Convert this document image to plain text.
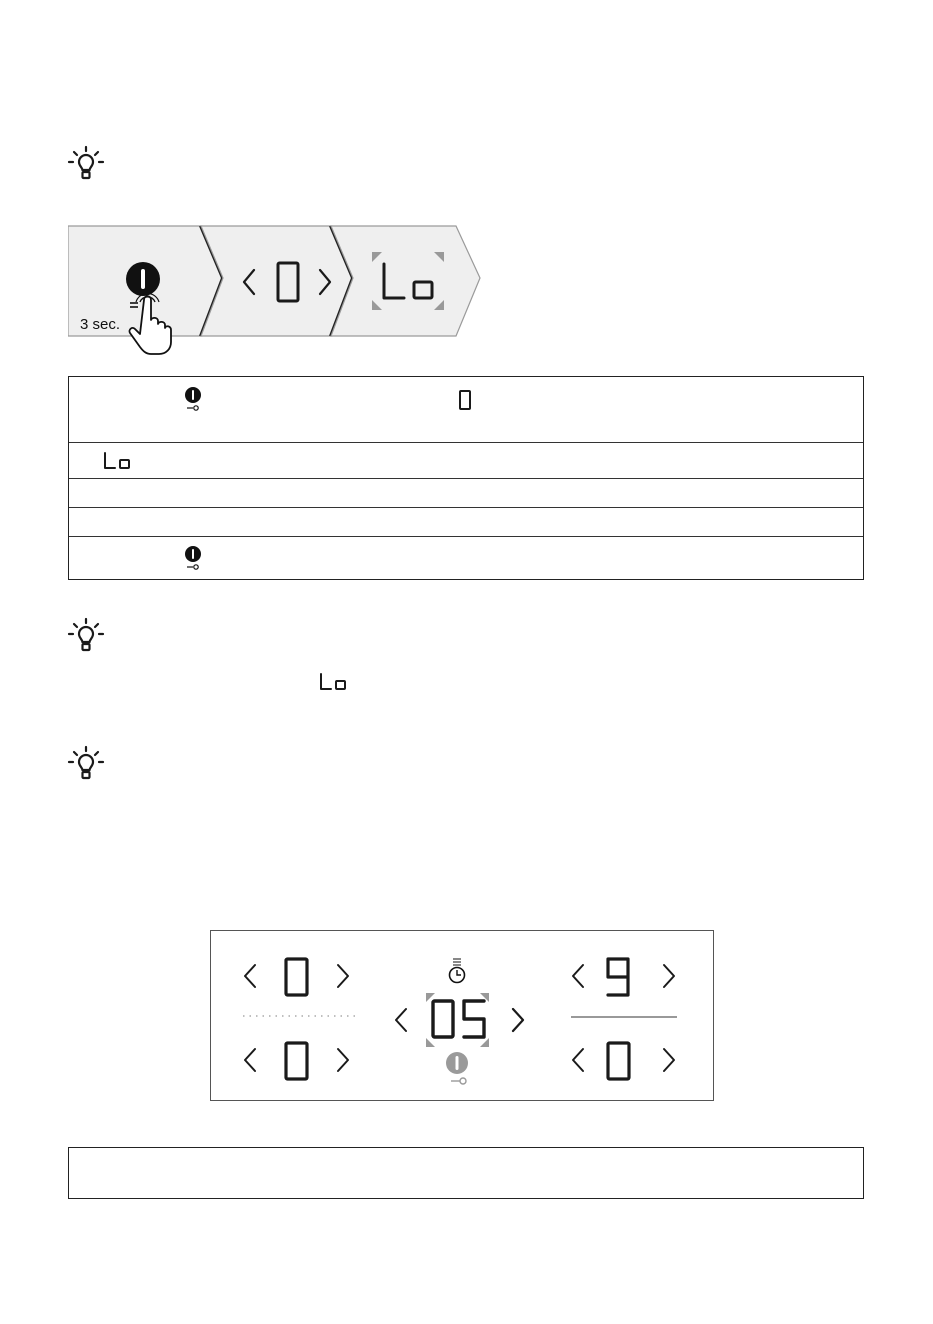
3 sec.
